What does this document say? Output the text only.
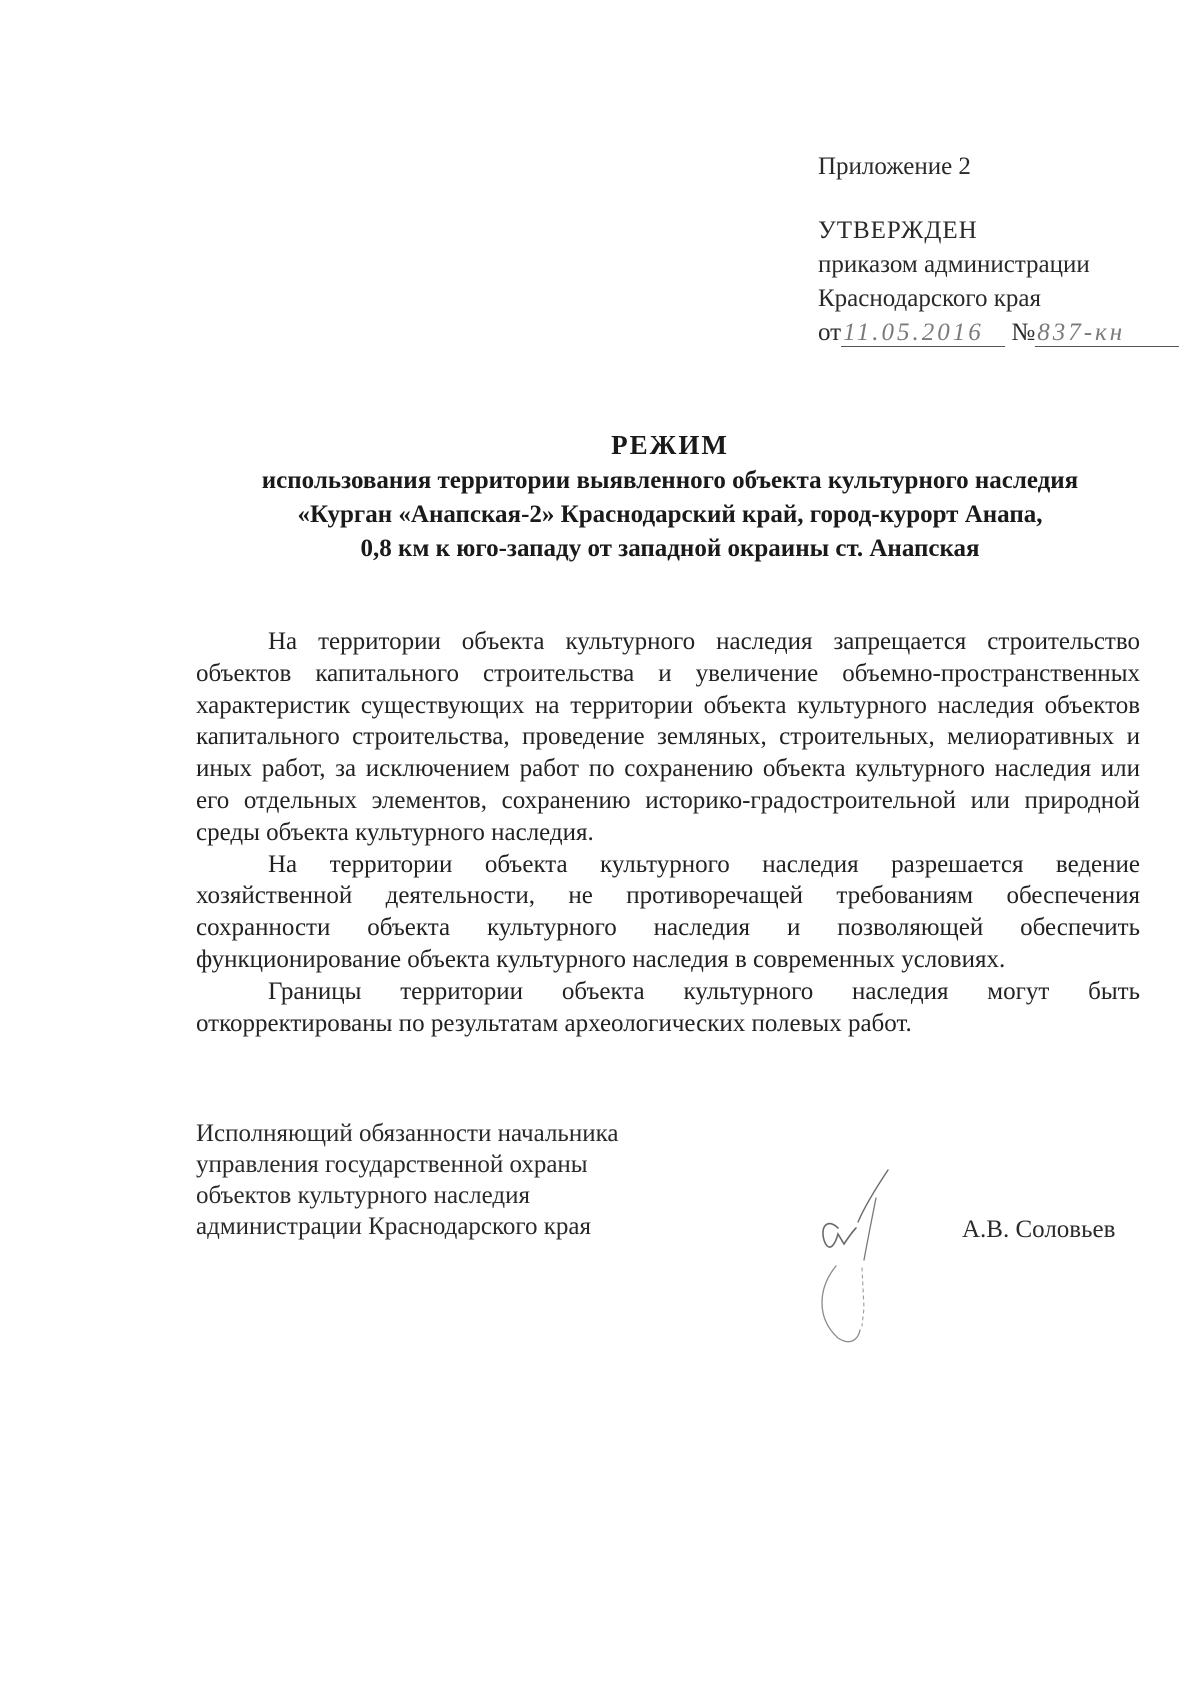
Приложение 2
УТВЕРЖДЕН
приказом администрации
Краснодарского края
от11.05.2016 №837-кн
РЕЖИМ
использования территории выявленного объекта культурного наследия
«Курган «Анапская-2» Краснодарский край, город-курорт Анапа,
0,8 км к юго-западу от западной окраины ст. Анапская

На территории объекта культурного наследия запрещается строительство объектов капитального строительства и увеличение объемно-пространственных характеристик существующих на территории объекта культурного наследия объектов капитального строительства, проведение земляных, строительных, мелиоративных и иных работ, за исключением работ по сохранению объекта культурного наследия или его отдельных элементов, сохранению историко-градостроительной или природной среды объекта культурного наследия.

На территории объекта культурного наследия разрешается ведение хозяйственной деятельности, не противоречащей требованиям обеспечения сохранности объекта культурного наследия и позволяющей обеспечить функционирование объекта культурного наследия в современных условиях.

Границы территории объекта культурного наследия могут быть откорректированы по результатам археологических полевых работ.

Исполняющий обязанности начальника
управления государственной охраны
объектов культурного наследия
администрации Краснодарского края	А.В. Соловьев
